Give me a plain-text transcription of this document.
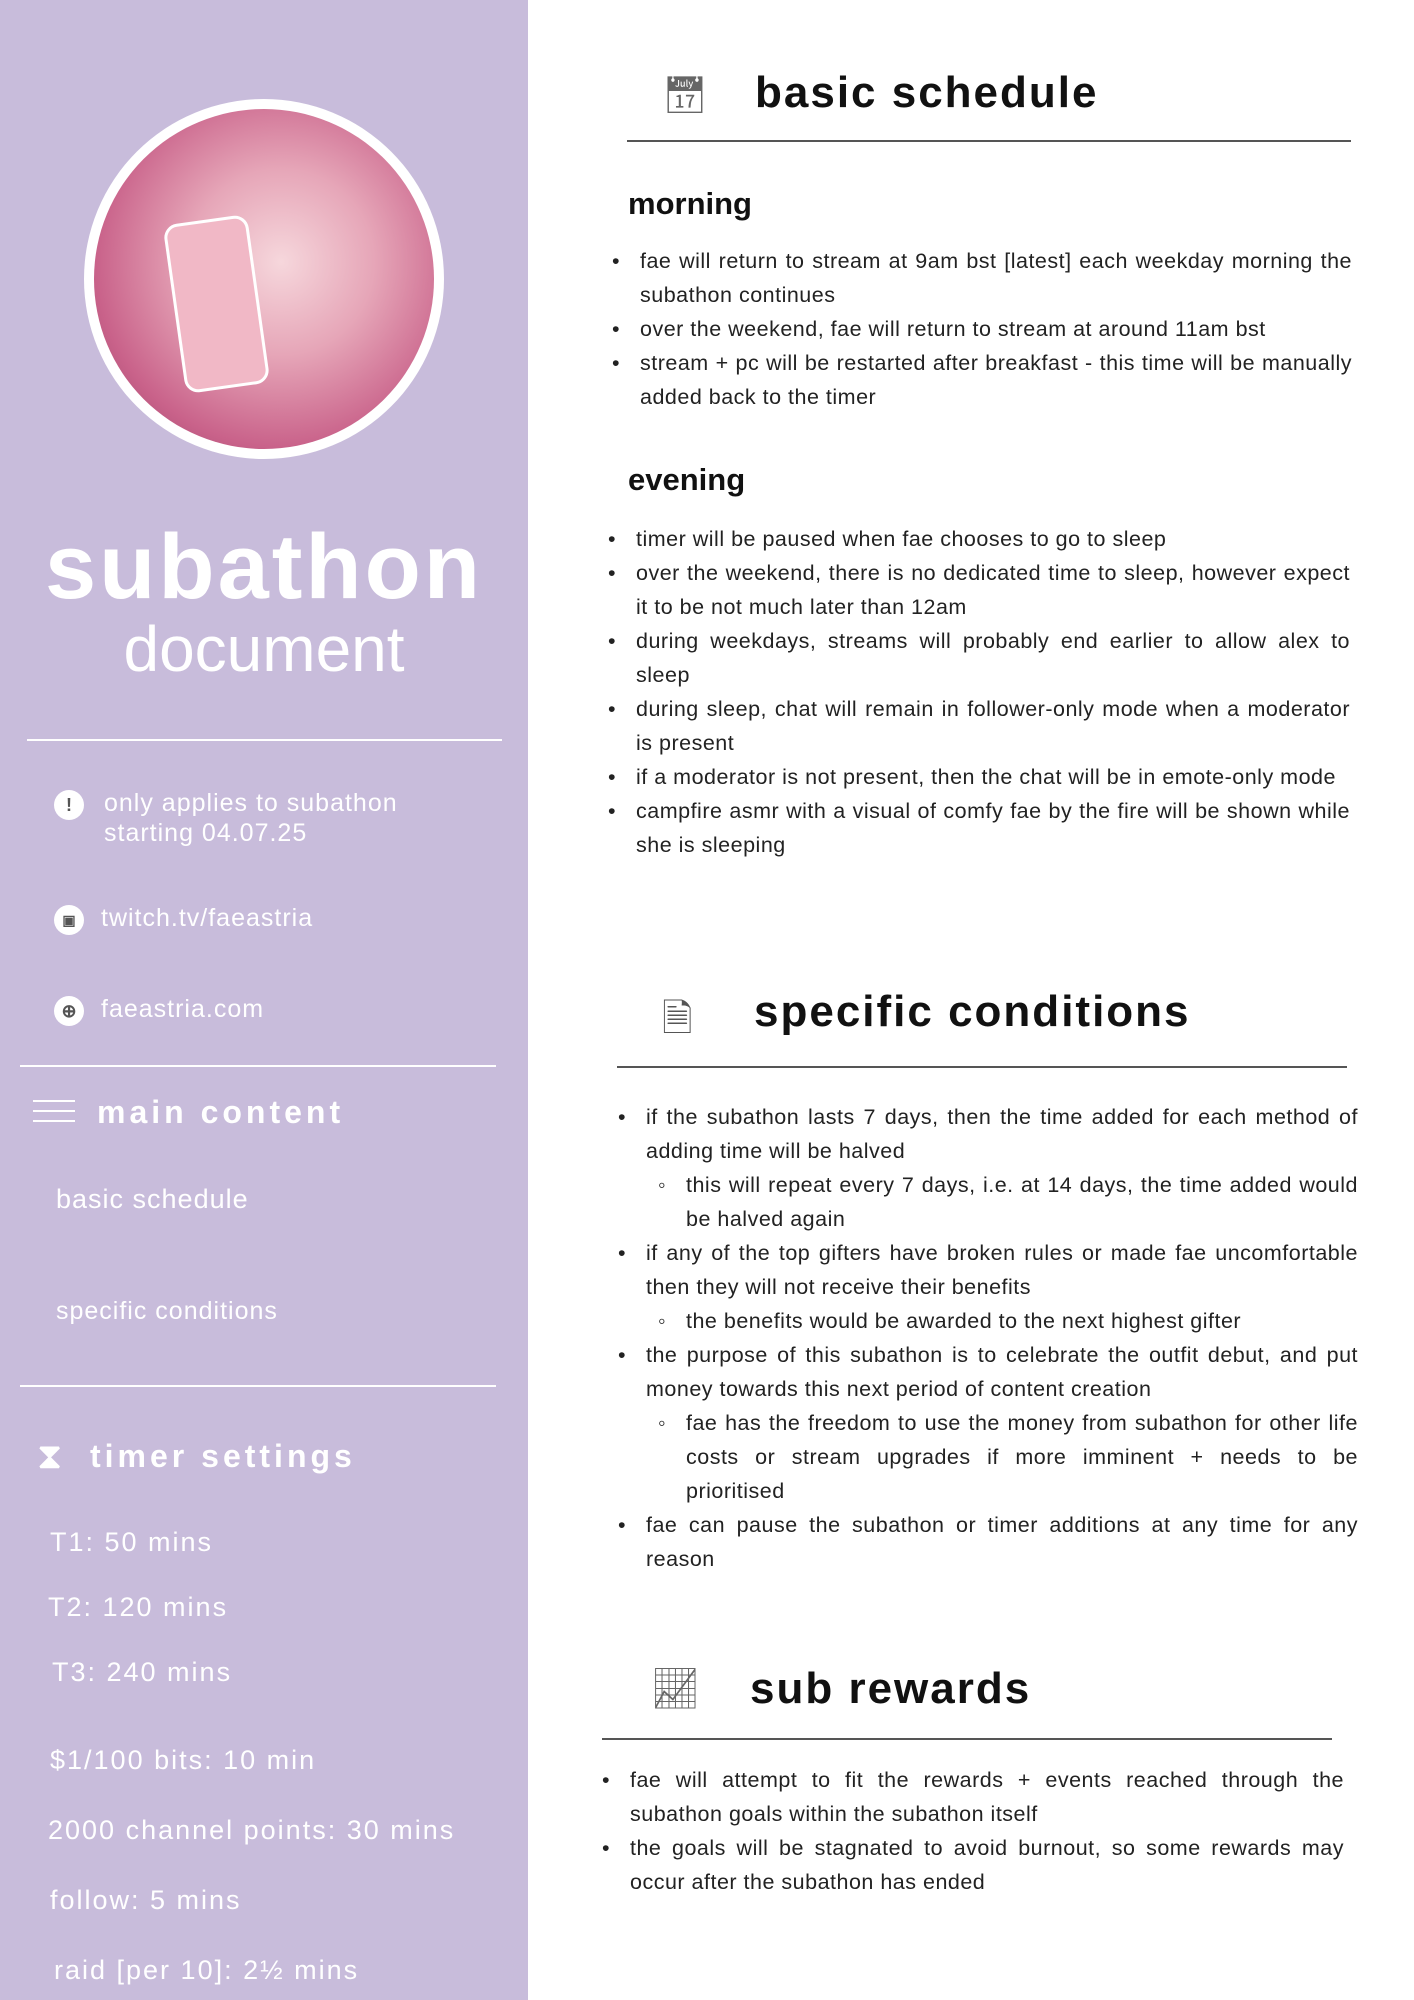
subathon
document
!	only applies to subathon
starting 04.07.25
▣	twitch.tv/faeastria
⊕ faeastria.com
main content
basic schedule
specific conditions
⧗ timer settings
T1: 50 mins
T2: 120 mins
T3: 240 mins
$1/100 bits: 10 min
2000 channel points: 30 mins
follow: 5 mins
raid [per 10]: 2½ mins
📅︎ basic schedule
morning
• fae will return to stream at 9am bst [latest] each weekday morning the subathon continues
• over the weekend, fae will return to stream at around 11am bst
• stream + pc will be restarted after breakfast - this time will be manually added back to the timer
evening
• timer will be paused when fae chooses to go to sleep
• over the weekend, there is no dedicated time to sleep, however expect it to be not much later than 12am
• during weekdays, streams will probably end earlier to allow alex to sleep
• during sleep, chat will remain in follower-only mode when a moderator is present
• if a moderator is not present, then the chat will be in emote-only mode
• campfire asmr with a visual of comfy fae by the fire will be shown while she is sleeping
🗎 specific conditions
• if the subathon lasts 7 days, then the time added for each method of adding time will be halved
◦ this will repeat every 7 days, i.e. at 14 days, the time added would be halved again
• if any of the top gifters have broken rules or made fae uncomfortable then they will not receive their benefits
◦ the benefits would be awarded to the next highest gifter
• the purpose of this subathon is to celebrate the outfit debut, and put money towards this next period of content creation
◦ fae has the freedom to use the money from subathon for other life costs or stream upgrades if more imminent + needs to be prioritised
• fae can pause the subathon or timer additions at any time for any reason
📈︎ sub rewards
• fae will attempt to fit the rewards + events reached through the subathon goals within the subathon itself
• the goals will be stagnated to avoid burnout, so some rewards may occur after the subathon has ended
